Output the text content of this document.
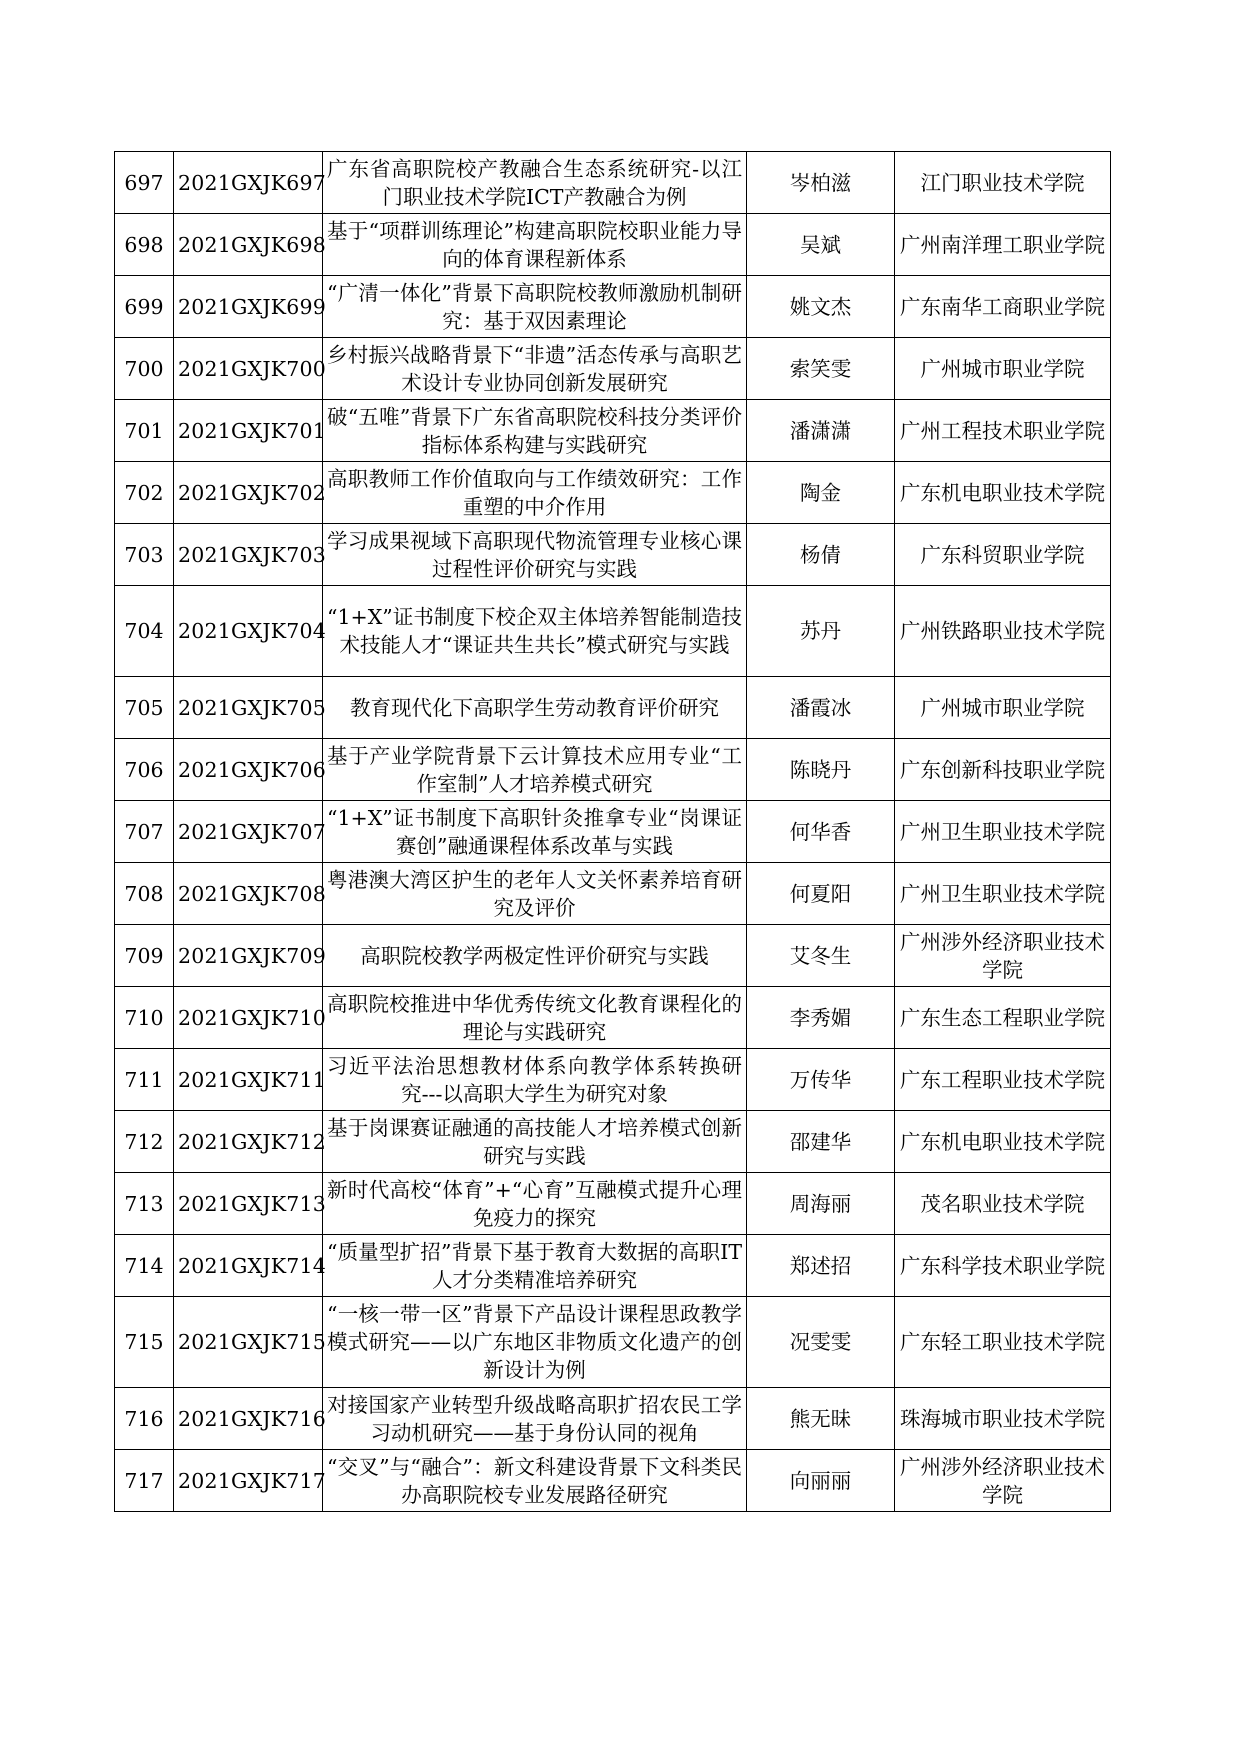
697	2021GXJK697	广东省高职院校产教融合生态系统研究-以江门职业技术学院ICT产教融合为例	岑柏滋	江门职业技术学院
698	2021GXJK698	基于“项群训练理论”构建高职院校职业能力导向的体育课程新体系	吴斌	广州南洋理工职业学院
699	2021GXJK699	“广清一体化”背景下高职院校教师激励机制研究：基于双因素理论	姚文杰	广东南华工商职业学院
700	2021GXJK700	乡村振兴战略背景下“非遗”活态传承与高职艺术设计专业协同创新发展研究	索笑雯	广州城市职业学院
701	2021GXJK701	破“五唯”背景下广东省高职院校科技分类评价指标体系构建与实践研究	潘潇潇	广州工程技术职业学院
702	2021GXJK702	高职教师工作价值取向与工作绩效研究：工作重塑的中介作用	陶金	广东机电职业技术学院
703	2021GXJK703	学习成果视域下高职现代物流管理专业核心课过程性评价研究与实践	杨倩	广东科贸职业学院
704	2021GXJK704	“1+X”证书制度下校企双主体培养智能制造技术技能人才“课证共生共长”模式研究与实践	苏丹	广州铁路职业技术学院
705	2021GXJK705	教育现代化下高职学生劳动教育评价研究	潘霞冰	广州城市职业学院
706	2021GXJK706	基于产业学院背景下云计算技术应用专业“工作室制”人才培养模式研究	陈晓丹	广东创新科技职业学院
707	2021GXJK707	“1+X”证书制度下高职针灸推拿专业“岗课证赛创”融通课程体系改革与实践	何华香	广州卫生职业技术学院
708	2021GXJK708	粤港澳大湾区护生的老年人文关怀素养培育研究及评价	何夏阳	广州卫生职业技术学院
709	2021GXJK709	高职院校教学两极定性评价研究与实践	艾冬生	广州涉外经济职业技术学院
710	2021GXJK710	高职院校推进中华优秀传统文化教育课程化的理论与实践研究	李秀媚	广东生态工程职业学院
711	2021GXJK711	习近平法治思想教材体系向教学体系转换研究---以高职大学生为研究对象	万传华	广东工程职业技术学院
712	2021GXJK712	基于岗课赛证融通的高技能人才培养模式创新研究与实践	邵建华	广东机电职业技术学院
713	2021GXJK713	新时代高校“体育”+“心育”互融模式提升心理免疫力的探究	周海丽	茂名职业技术学院
714	2021GXJK714	“质量型扩招”背景下基于教育大数据的高职IT人才分类精准培养研究	郑述招	广东科学技术职业学院
715	2021GXJK715	“一核一带一区”背景下产品设计课程思政教学模式研究——以广东地区非物质文化遗产的创新设计为例	况雯雯	广东轻工职业技术学院
716	2021GXJK716	对接国家产业转型升级战略高职扩招农民工学习动机研究——基于身份认同的视角	熊无昧	珠海城市职业技术学院
717	2021GXJK717	“交叉”与“融合”：新文科建设背景下文科类民办高职院校专业发展路径研究	向丽丽	广州涉外经济职业技术学院
